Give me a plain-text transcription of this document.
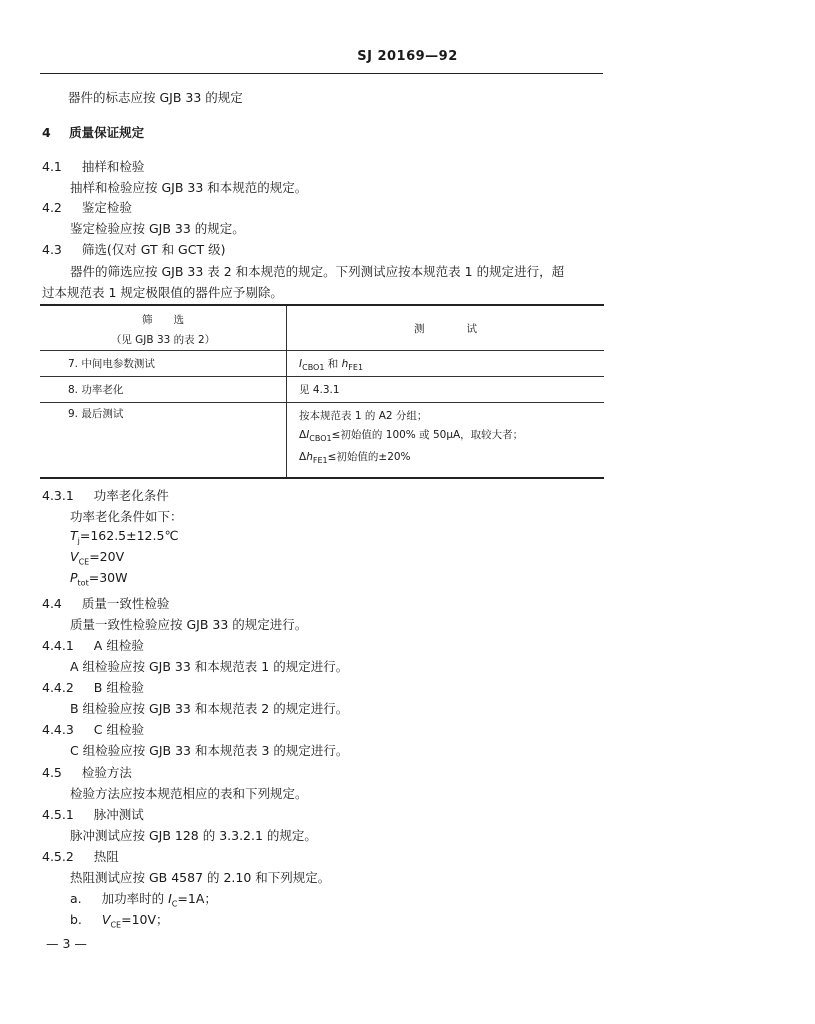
SJ 20169—92
器件的标志应按 GJB 33 的规定
4 质量保证规定
4.1 抽样和检验
抽样和检验应按 GJB 33 和本规范的规定。
4.2 鉴定检验
鉴定检验应按 GJB 33 的规定。
4.3 筛选(仅对 GT 和 GCT 级)
器件的筛选应按 GJB 33 表 2 和本规范的规定。下列测试应按本规范表 1 的规定进行，超
过本规范表 1 规定极限值的器件应予剔除。
筛　　选
（见 GJB 33 的表 2）	测　　　　试

7. 中间电参数测试	$I_{CBO1}$ 和 $h_{FE1}$

8. 功率老化	见 4.3.1

9. 最后测试	按本规范表 1 的 A2 分组；
$\Delta I_{CBO1}\le$初始值的 100% 或 50μA，取较大者；
$\Delta h_{FE1}\le$初始值的±20%
4.3.1 功率老化条件
功率老化条件如下：
$T_j=162.5\pm 12.5℃$
$V_{CE}=20V$
$P_{tot}=30W$
4.4 质量一致性检验
质量一致性检验应按 GJB 33 的规定进行。
4.4.1 A 组检验
A 组检验应按 GJB 33 和本规范表 1 的规定进行。
4.4.2 B 组检验
B 组检验应按 GJB 33 和本规范表 2 的规定进行。
4.4.3 C 组检验
C 组检验应按 GJB 33 和本规范表 3 的规定进行。
4.5 检验方法
检验方法应按本规范相应的表和下列规定。
4.5.1 脉冲测试
脉冲测试应按 GJB 128 的 3.3.2.1 的规定。
4.5.2 热阻
热阻测试应按 GB 4587 的 2.10 和下列规定。
a. 加功率时的 $I_C=1A$；
b. $V_{CE}=10V$；
— 3 —
